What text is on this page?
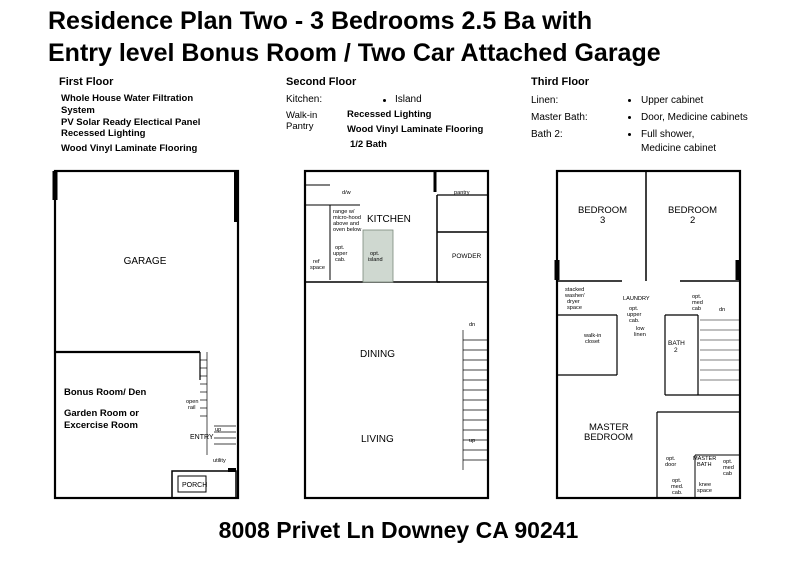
Residence Plan Two - 3 Bedrooms 2.5 Ba with
Entry level Bonus Room / Two Car Attached Garage
First Floor
Whole House Water Filtration
System
PV Solar Ready Electical Panel
Recessed Lighting
Wood Vinyl Laminate Flooring
Second Floor
Kitchen:	Island
Walk-in
Pantry
Recessed Lighting
Wood Vinyl Laminate Flooring
1/2 Bath
Third Floor
Linen:	Upper cabinet
Master Bath:	Door, Medicine cabinets
Bath 2:	Full shower,
Medicine cabinet
GARAGE
Bonus Room/ Den
Garden Room or
Excercise Room
ENTRY
PORCH
open
rail
up
utility
KITCHEN
DINING
LIVING
POWDER
pantry
d/w
range w/
micro-hood
above and
oven below
opt.
upper
cab.
opt.
island
ref
space
dn
up
BEDROOM
3
BEDROOM
2
LAUNDRY
stacked
washer/
dryer
space
walk-in
closet
opt.
upper
cab.
low
linen
opt.
med
cab
BATH
2
dn
MASTER
BEDROOM
opt.
door
opt.
med.
cab.
MASTER
BATH opt.
med
cab
knee
space
8008 Privet Ln Downey CA 90241
